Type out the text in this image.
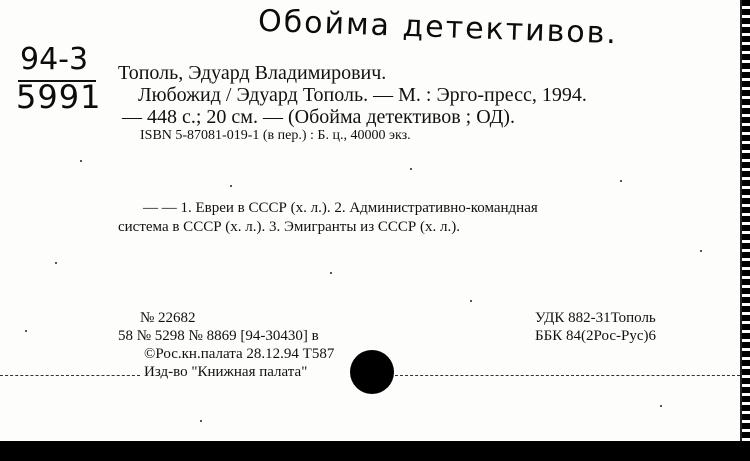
Обойма детективов.
94-3
5991
Тополь, Эдуард Владимирович.
Любожид / Эдуард Тополь. — М. : Эрго-пресс, 1994.
— 448 с.; 20 см. — (Обойма детективов ; ОД).
ISBN 5-87081-019-1 (в пер.) : Б. ц., 40000 экз.
— — 1. Евреи в СССР (х. л.). 2. Административно-командная
система в СССР (х. л.). 3. Эмигранты из СССР (х. л.).
№ 22682
58 № 5298 № 8869 [94-30430] в
©Рос.кн.палата 28.12.94 Т587
Изд-во "Книжная палата"
УДК 882-31Тополь
ББК 84(2Рос-Рус)6
